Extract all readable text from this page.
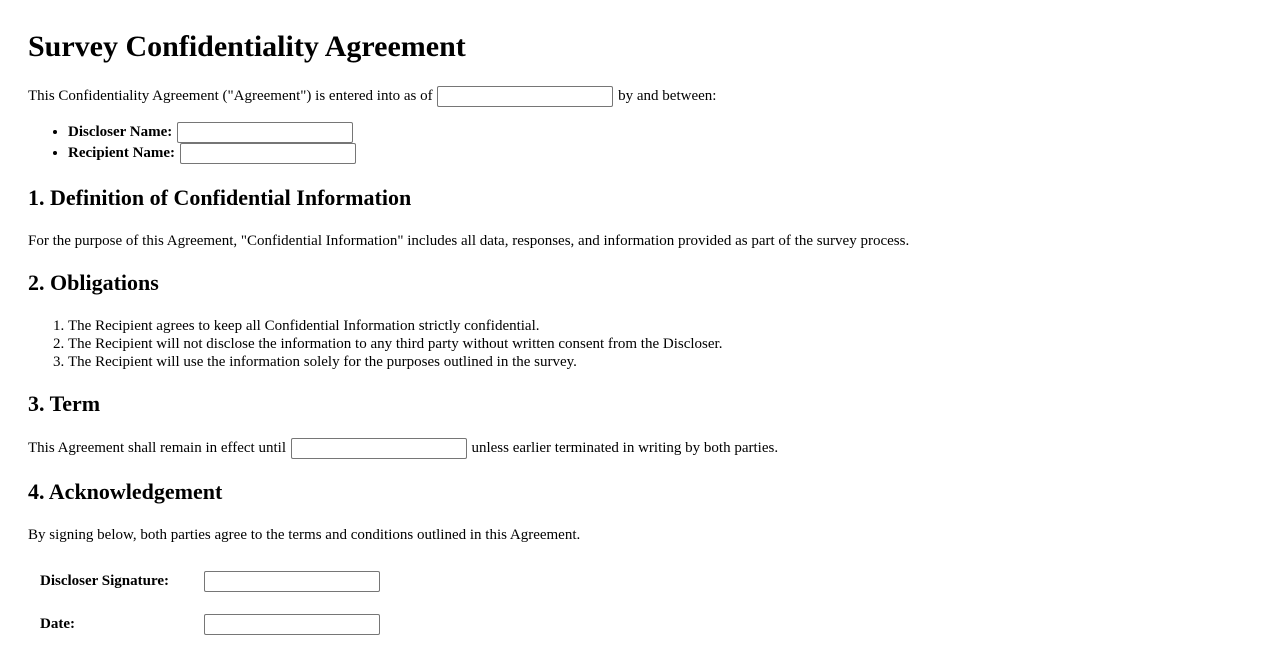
Survey Confidentiality Agreement

This Confidentiality Agreement ("Agreement") is entered into as of	by and between:

• Discloser Name:
• Recipient Name:
1. Definition of Confidential Information

For the purpose of this Agreement, "Confidential Information" includes all data, responses, and information provided as part of the survey process.

2. Obligations
1. The Recipient agrees to keep all Confidential Information strictly confidential.
2. The Recipient will not disclose the information to any third party without written consent from the Discloser.
3. The Recipient will use the information solely for the purposes outlined in the survey.
3. Term

This Agreement shall remain in effect until	unless earlier terminated in writing by both parties.

4. Acknowledgement

By signing below, both parties agree to the terms and conditions outlined in this Agreement.

Discloser Signature:
Date:
